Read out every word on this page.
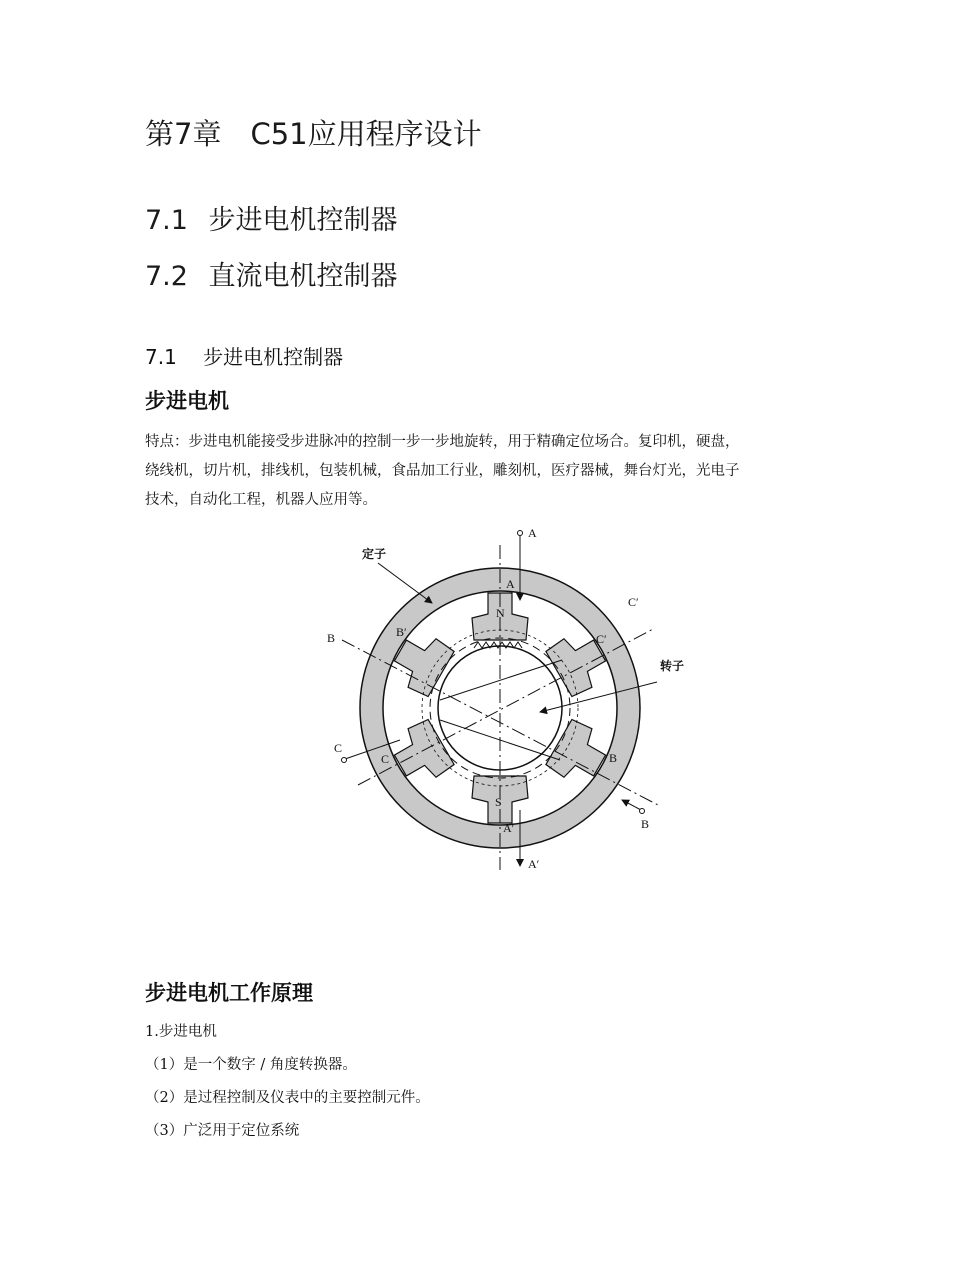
第7章　C51应用程序设计
7.1 步进电机控制器
7.2 直流电机控制器
7.1 步进电机控制器
步进电机
特点：步进电机能接受步进脉冲的控制一步一步地旋转，用于精确定位场合。复印机，硬盘，
绕线机，切片机，排线机，包装机械，食品加工行业，雕刻机，医疗器械，舞台灯光，光电子
技术，自动化工程，机器人应用等。
定子
转子
A
A
N
S
A′
A′
B	B′
C′
C′
C
C	B
B
步进电机工作原理
1.步进电机
（1）是一个数字 / 角度转换器。
（2）是过程控制及仪表中的主要控制元件。
（3）广泛用于定位系统
